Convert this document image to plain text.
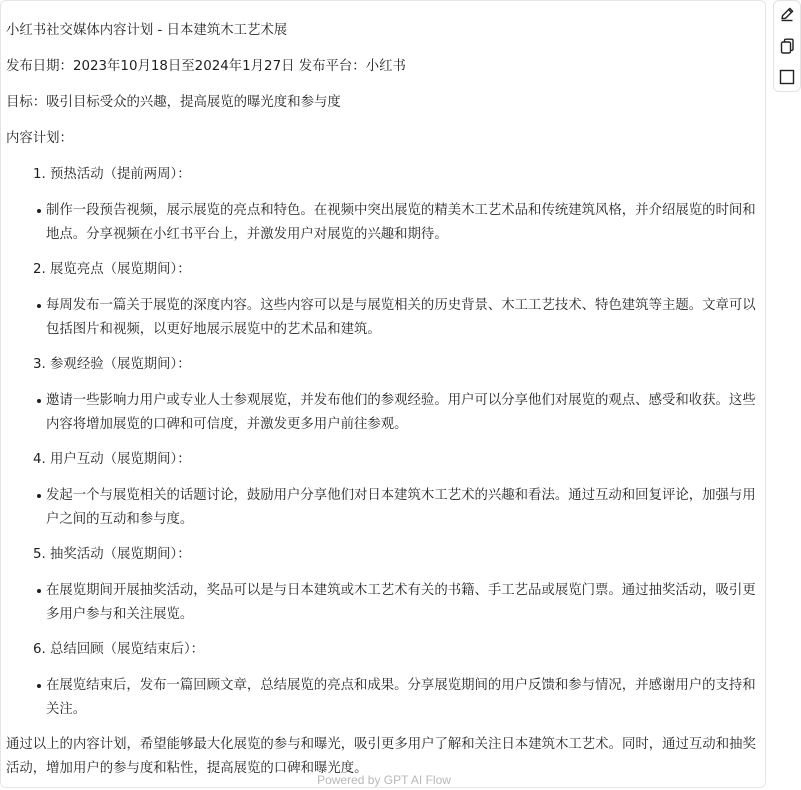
小红书社交媒体内容计划 - 日本建筑木工艺术展

发布日期：2023年10月18日至2024年1月27日 发布平台：小红书

目标：吸引目标受众的兴趣，提高展览的曝光度和参与度

内容计划：

1. 预热活动（提前两周）：
制作一段预告视频，展示展览的亮点和特色。在视频中突出展览的精美木工艺术品和传统建筑风格，并介绍展览的时间和地点。分享视频在小红书平台上，并激发用户对展览的兴趣和期待。
2. 展览亮点（展览期间）：
每周发布一篇关于展览的深度内容。这些内容可以是与展览相关的历史背景、木工工艺技术、特色建筑等主题。文章可以包括图片和视频，以更好地展示展览中的艺术品和建筑。
3. 参观经验（展览期间）：
邀请一些影响力用户或专业人士参观展览，并发布他们的参观经验。用户可以分享他们对展览的观点、感受和收获。这些内容将增加展览的口碑和可信度，并激发更多用户前往参观。
4. 用户互动（展览期间）：
发起一个与展览相关的话题讨论，鼓励用户分享他们对日本建筑木工艺术的兴趣和看法。通过互动和回复评论，加强与用户之间的互动和参与度。
5. 抽奖活动（展览期间）：
在展览期间开展抽奖活动，奖品可以是与日本建筑或木工艺术有关的书籍、手工艺品或展览门票。通过抽奖活动，吸引更多用户参与和关注展览。
6. 总结回顾（展览结束后）：
在展览结束后，发布一篇回顾文章，总结展览的亮点和成果。分享展览期间的用户反馈和参与情况，并感谢用户的支持和关注。

通过以上的内容计划，希望能够最大化展览的参与和曝光，吸引更多用户了解和关注日本建筑木工艺术。同时，通过互动和抽奖活动，增加用户的参与度和粘性，提高展览的口碑和曝光度。

Powered by GPT AI Flow
